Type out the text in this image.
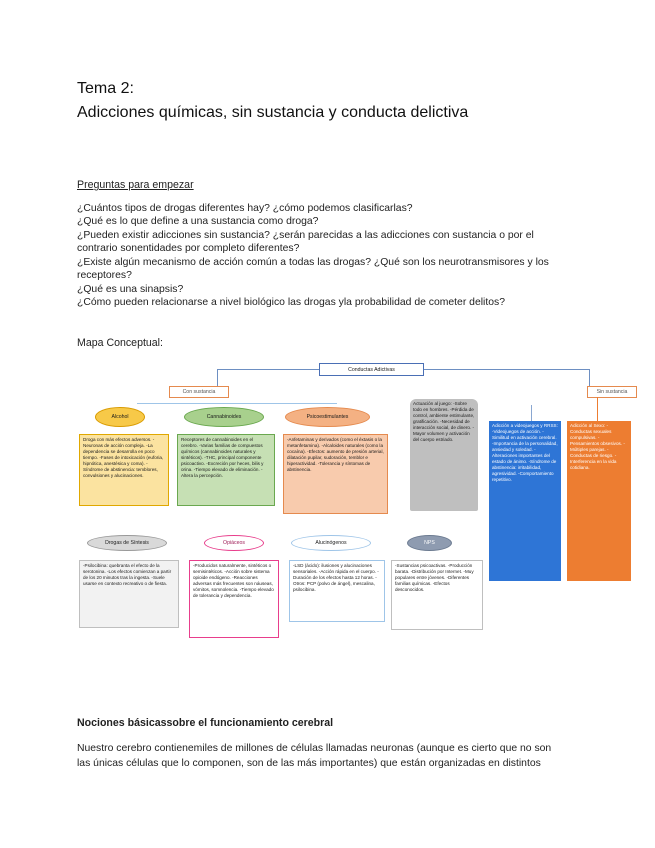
Tema 2:
Adicciones químicas, sin sustancia y conducta delictiva
Preguntas para empezar
¿Cuántos tipos de drogas diferentes hay? ¿cómo podemos clasificarlas?
¿Qué es lo que define a una sustancia como droga?
¿Pueden existir adicciones sin sustancia? ¿serán parecidas a las adicciones con sustancia o por el
contrario sonentidades por completo diferentes?
¿Existe algún mecanismo de acción común a todas las drogas? ¿Qué son los neurotransmisores y los
receptores?
¿Qué es una sinapsis?
¿Cómo pueden relacionarse a nivel biológico las drogas yla probabilidad de cometer delitos?
Mapa Conceptual:
Conductas Adictivas
Con sustancia	Sin sustancia
Alcohol	Cannabinoides	Psicoestimulantes
Droga con más efectos adversos. -Neuronas de acción compleja. -La dependencia se desarrolla en poco tiempo. -Fases de intoxicación (euforia, hipnótica, anestésica y coma). -Síndrome de abstinencia: temblores, convulsiones y alucinaciones.
Receptores de cannabinoides en el cerebro. -Varias familias de compuestos químicos (cannabinoides naturales y sintéticos). -THC, principal componente psicoactivo. -Excreción por heces, bilis y orina. -Tiempo elevado de eliminación. -Altera la percepción.
-Anfetaminas y derivados (como el éxtasis o la metanfetamina). -Alcaloides naturales (como la cocaína). -Efectos: aumento de presión arterial, dilatación pupilar, sudoración, temblor e hiperactividad. -Tolerancia y síntomas de abstinencia.
Actuación al juego: -Sobre todo en hombres. -Pérdida de control, ambiente estimulante, gratificación. -Necesidad de interacción social, de dinero. -Mayor volumen y activación del cuerpo estriado.
Adicción a videojuegos y RRSS: -Videojuegos de acción. -Similitud en activación cerebral. -Importancia de la personalidad, ansiedad y soledad. -Alteraciones importantes del estado de ánimo. -Síndrome de abstinencia: irritabilidad, agresividad. -Comportamiento repetitivo.
Adicción al Sexo: -Conductas sexuales compulsivas. -Pensamientos obsesivos. -Múltiples parejas. -Conductas de riesgo. -Interferencia en la vida cotidiana.
Drogas de Síntesis	Opiáceos	Alucinógenos	NPS
-Psilocibina: quebranta el efecto de la serotonina. -Los efectos comienzan a partir de los 20 minutos tras la ingesta. -Suele usarse en contexto recreativo o de fiesta.
-Producidos naturalmente, sintéticos o semisintéticos. -Acción sobre sistema opioide endógeno. -Reacciones adversas más frecuentes son náuseas, vómitos, somnolencia. -Tiempo elevado de tolerancia y dependencia.
-LSD (ácido): ilusiones y alucinaciones sensoriales. -Acción rápida en el cuerpo. -Duración de los efectos hasta 12 horas. -Otros: PCP (polvo de ángel), mescalina, psilocibina.
-Sustancias psicoactivas. -Producción barata. -Distribución por Internet. -Muy populares entre jóvenes. -Diferentes familias químicas. -Efectos desconocidos.
Nociones básicassobre el funcionamiento cerebral
Nuestro cerebro contienemiles de millones de células llamadas neuronas (aunque es cierto que no son
las únicas células que lo componen, son de las más importantes) que están organizadas en distintos
